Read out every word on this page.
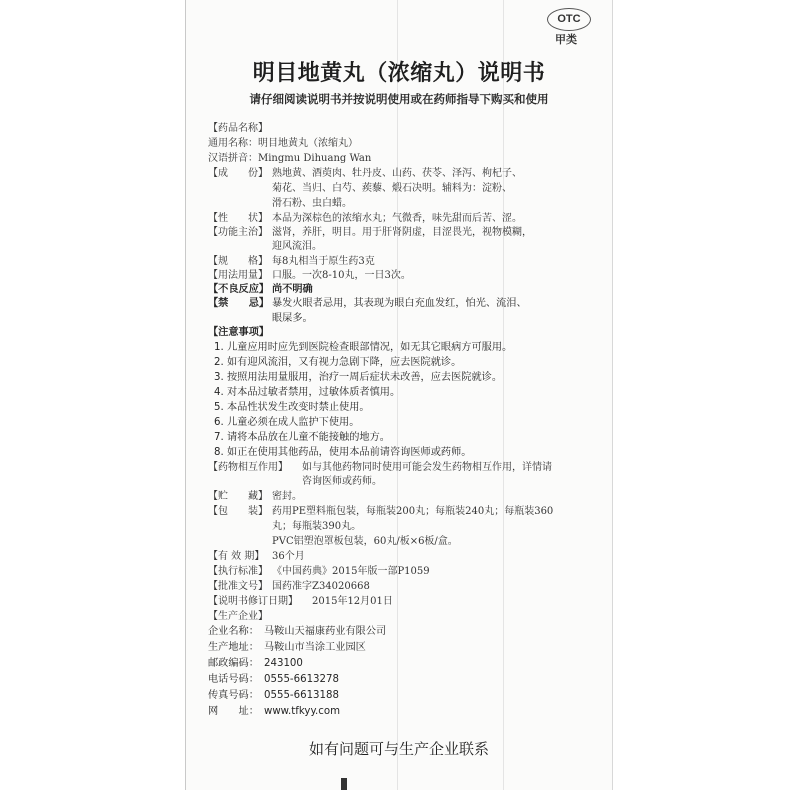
OTC
甲类
明目地黄丸（浓缩丸）说明书
请仔细阅读说明书并按说明使用或在药师指导下购买和使用
【药品名称】
通用名称：明目地黄丸（浓缩丸）
汉语拼音：Mingmu Dihuang Wan
【成　　份】 熟地黄、酒萸肉、牡丹皮、山药、茯苓、泽泻、枸杞子、
菊花、当归、白芍、蒺藜、煅石决明。辅料为：淀粉、
滑石粉、虫白蜡。
【性　　状】 本品为深棕色的浓缩水丸；气微香，味先甜而后苦、涩。
【功能主治】 滋肾，养肝，明目。用于肝肾阴虚，目涩畏光，视物模糊，
迎风流泪。
【规　　格】 每8丸相当于原生药3克
【用法用量】 口服。一次8-10丸，一日3次。
【不良反应】 尚不明确
【禁　　忌】 暴发火眼者忌用，其表现为眼白充血发红，怕光、流泪、
眼屎多。
【注意事项】
1. 儿童应用时应先到医院检查眼部情况，如无其它眼病方可服用。
2. 如有迎风流泪，又有视力急剧下降，应去医院就诊。
3. 按照用法用量服用，治疗一周后症状未改善，应去医院就诊。
4. 对本品过敏者禁用，过敏体质者慎用。
5. 本品性状发生改变时禁止使用。
6. 儿童必须在成人监护下使用。
7. 请将本品放在儿童不能接触的地方。
8. 如正在使用其他药品，使用本品前请咨询医师或药师。
【药物相互作用】 如与其他药物同时使用可能会发生药物相互作用，详情请
咨询医师或药师。
【贮　　藏】 密封。
【包　　装】 药用PE塑料瓶包装，每瓶装200丸；每瓶装240丸；每瓶装360
丸；每瓶装390丸。
PVC铝塑泡罩板包装，60丸/板×6板/盒。
【有 效 期】 36个月
【执行标准】 《中国药典》2015年版一部P1059
【批准文号】 国药准字Z34020668
【说明书修订日期】 2015年12月01日
【生产企业】
企业名称： 马鞍山天福康药业有限公司
生产地址： 马鞍山市当涂工业园区
邮政编码： 243100
电话号码： 0555-6613278
传真号码： 0555-6613188
网　　址： www.tfkyy.com
如有问题可与生产企业联系
